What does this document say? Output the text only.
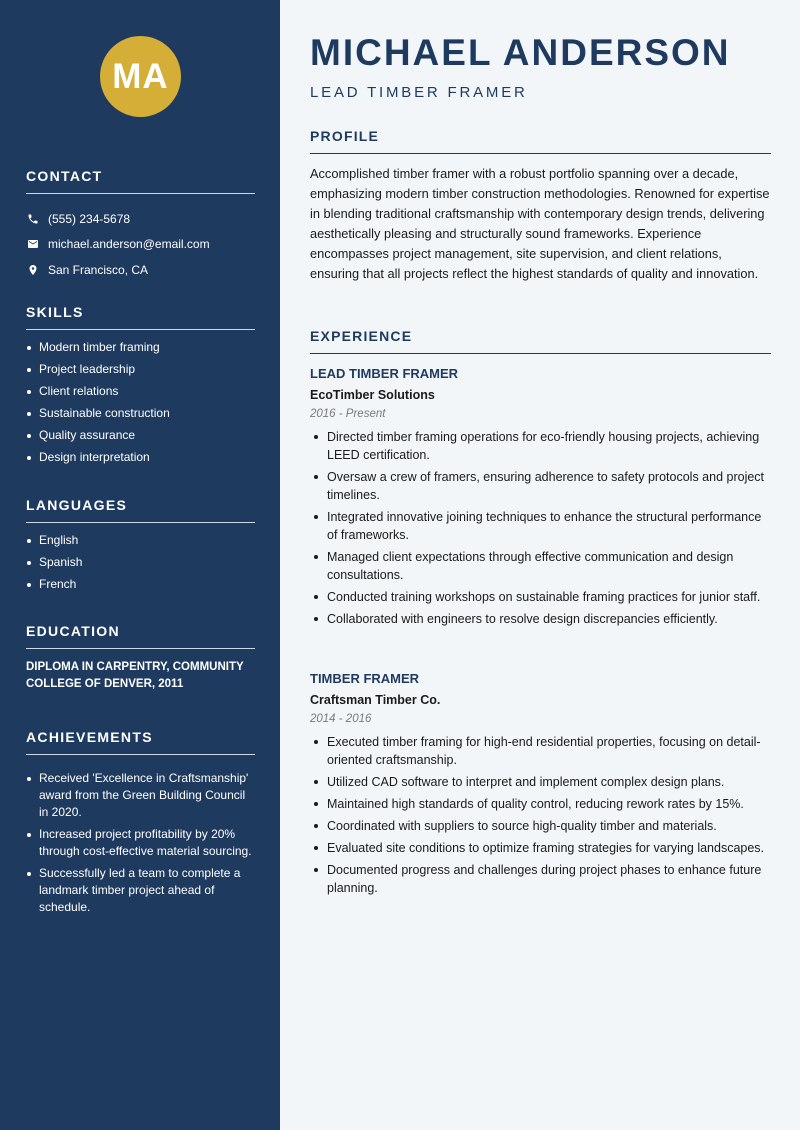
MA
CONTACT
(555) 234-5678
michael.anderson@email.com
San Francisco, CA
SKILLS
Modern timber framing
Project leadership
Client relations
Sustainable construction
Quality assurance
Design interpretation
LANGUAGES
English
Spanish
French
EDUCATION

DIPLOMA IN CARPENTRY, COMMUNITY COLLEGE OF DENVER, 2011

ACHIEVEMENTS
Received 'Excellence in Craftsmanship' award from the Green Building Council in 2020.
Increased project profitability by 20% through cost-effective material sourcing.
Successfully led a team to complete a landmark timber project ahead of schedule.
MICHAEL ANDERSON
LEAD TIMBER FRAMER
PROFILE

Accomplished timber framer with a robust portfolio spanning over a decade, emphasizing modern timber construction methodologies. Renowned for expertise in blending traditional craftsmanship with contemporary design trends, delivering aesthetically pleasing and structurally sound frameworks. Experience encompasses project management, site supervision, and client relations, ensuring that all projects reflect the highest standards of quality and innovation.

EXPERIENCE
LEAD TIMBER FRAMER
EcoTimber Solutions
2016 - Present
Directed timber framing operations for eco-friendly housing projects, achieving LEED certification.
Oversaw a crew of framers, ensuring adherence to safety protocols and project timelines.
Integrated innovative joining techniques to enhance the structural performance of frameworks.
Managed client expectations through effective communication and design consultations.
Conducted training workshops on sustainable framing practices for junior staff.
Collaborated with engineers to resolve design discrepancies efficiently.
TIMBER FRAMER
Craftsman Timber Co.
2014 - 2016
Executed timber framing for high-end residential properties, focusing on detail-oriented craftsmanship.
Utilized CAD software to interpret and implement complex design plans.
Maintained high standards of quality control, reducing rework rates by 15%.
Coordinated with suppliers to source high-quality timber and materials.
Evaluated site conditions to optimize framing strategies for varying landscapes.
Documented progress and challenges during project phases to enhance future planning.
